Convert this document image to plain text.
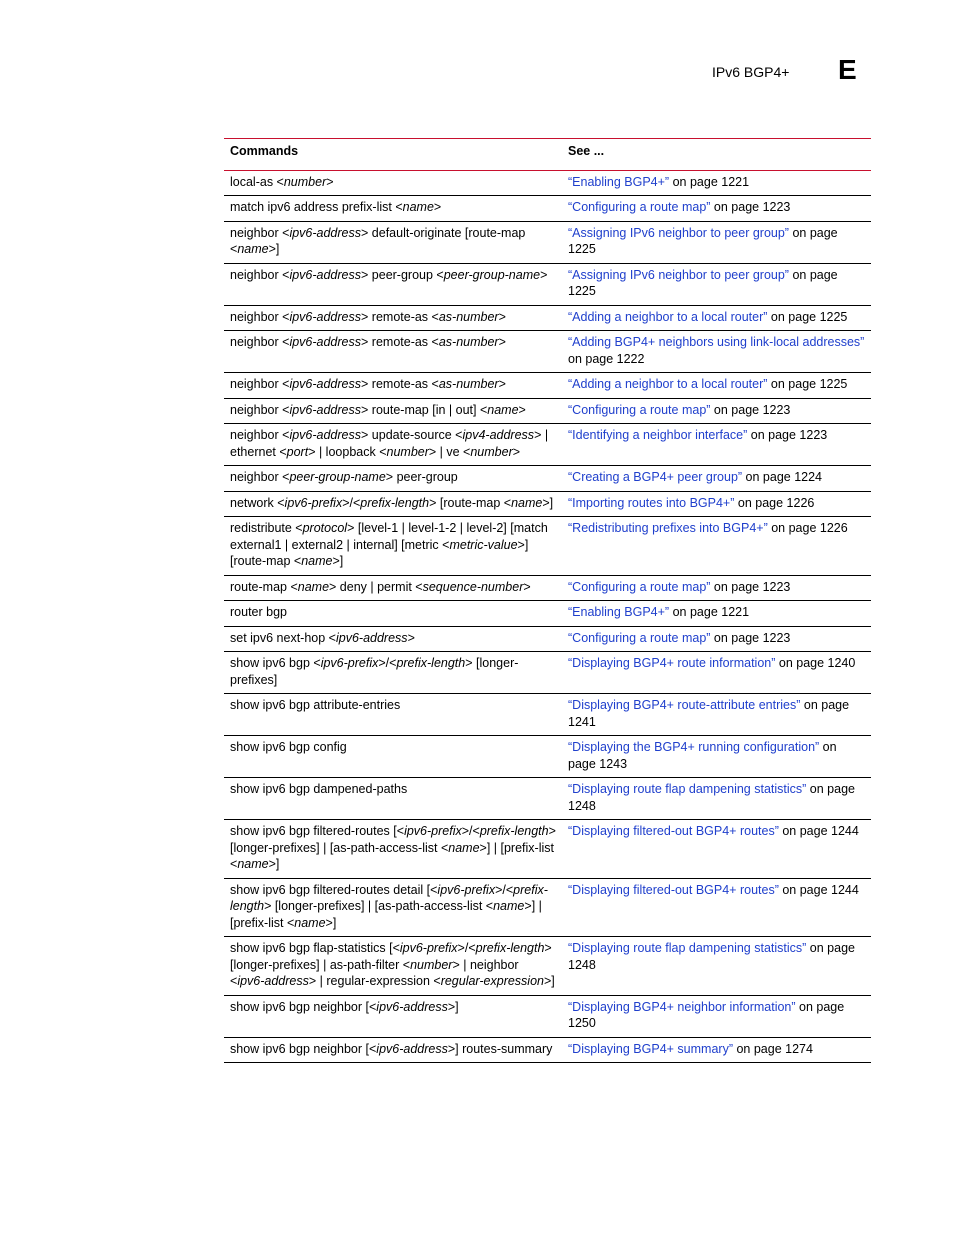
IPv6 BGP4+ E
Commands	See ...
local-as <number>	“Enabling BGP4+” on page 1221
match ipv6 address prefix-list <name>	“Configuring a route map” on page 1223
neighbor <ipv6-address> default-originate [route-map <name>]	“Assigning IPv6 neighbor to peer group” on page 1225
neighbor <ipv6-address> peer-group <peer-group-name>	“Assigning IPv6 neighbor to peer group” on page 1225
neighbor <ipv6-address> remote-as <as-number>	“Adding a neighbor to a local router” on page 1225
neighbor <ipv6-address> remote-as <as-number>	“Adding BGP4+ neighbors using link-local addresses” on page 1222
neighbor <ipv6-address> remote-as <as-number>	“Adding a neighbor to a local router” on page 1225
neighbor <ipv6-address> route-map [in | out] <name>	“Configuring a route map” on page 1223
neighbor <ipv6-address> update-source <ipv4-address> | ethernet <port> | loopback <number> | ve <number>	“Identifying a neighbor interface” on page 1223
neighbor <peer-group-name> peer-group	“Creating a BGP4+ peer group” on page 1224
network <ipv6-prefix>/<prefix-length> [route-map <name>]	“Importing routes into BGP4+” on page 1226
redistribute <protocol> [level-1 | level-1-2 | level-2] [match external1 | external2 | internal] [metric <metric-value>] [route-map <name>]	“Redistributing prefixes into BGP4+” on page 1226
route-map <name> deny | permit <sequence-number>	“Configuring a route map” on page 1223
router bgp	“Enabling BGP4+” on page 1221
set ipv6 next-hop <ipv6-address>	“Configuring a route map” on page 1223
show ipv6 bgp <ipv6-prefix>/<prefix-length> [longer-prefixes]	“Displaying BGP4+ route information” on page 1240
show ipv6 bgp attribute-entries	“Displaying BGP4+ route-attribute entries” on page 1241
show ipv6 bgp config	“Displaying the BGP4+ running configuration” on page 1243
show ipv6 bgp dampened-paths	“Displaying route flap dampening statistics” on page 1248
show ipv6 bgp filtered-routes [<ipv6-prefix>/<prefix-length> [longer-prefixes] | [as-path-access-list <name>] | [prefix-list <name>]	“Displaying filtered-out BGP4+ routes” on page 1244
show ipv6 bgp filtered-routes detail [<ipv6-prefix>/<prefix-length> [longer-prefixes] | [as-path-access-list <name>] | [prefix-list <name>]	“Displaying filtered-out BGP4+ routes” on page 1244
show ipv6 bgp flap-statistics [<ipv6-prefix>/<prefix-length> [longer-prefixes] | as-path-filter <number> | neighbor <ipv6-address> | regular-expression <regular-expression>]	“Displaying route flap dampening statistics” on page 1248
show ipv6 bgp neighbor [<ipv6-address>]	“Displaying BGP4+ neighbor information” on page 1250
show ipv6 bgp neighbor [<ipv6-address>] routes-summary	“Displaying BGP4+ summary” on page 1274
